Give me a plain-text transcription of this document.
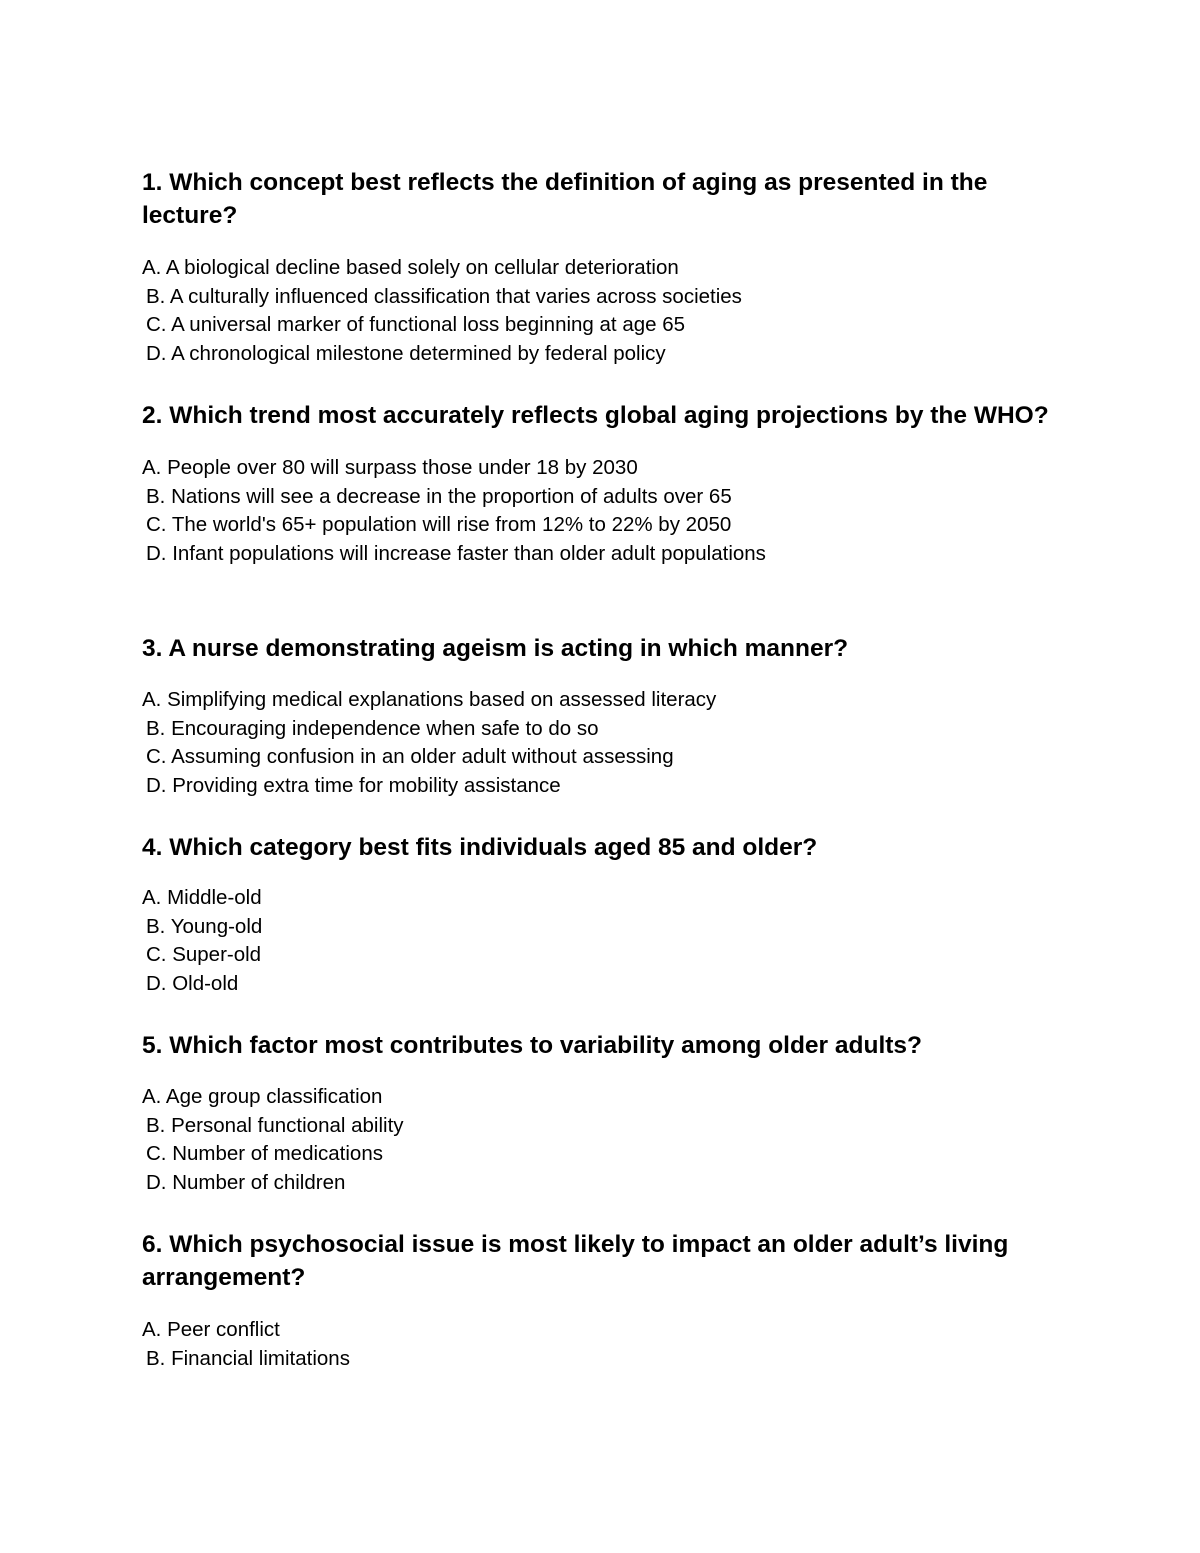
1. Which concept best reflects the definition of aging as presented in the lecture?

A. A biological decline based solely on cellular deterioration

B. A culturally influenced classification that varies across societies

C. A universal marker of functional loss beginning at age 65

D. A chronological milestone determined by federal policy

2. Which trend most accurately reflects global aging projections by the WHO?

A. People over 80 will surpass those under 18 by 2030

B. Nations will see a decrease in the proportion of adults over 65

C. The world's 65+ population will rise from 12% to 22% by 2050

D. Infant populations will increase faster than older adult populations

3. A nurse demonstrating ageism is acting in which manner?

A. Simplifying medical explanations based on assessed literacy

B. Encouraging independence when safe to do so

C. Assuming confusion in an older adult without assessing

D. Providing extra time for mobility assistance

4. Which category best fits individuals aged 85 and older?

A. Middle-old

B. Young-old

C. Super-old

D. Old-old

5. Which factor most contributes to variability among older adults?

A. Age group classification

B. Personal functional ability

C. Number of medications

D. Number of children

6. Which psychosocial issue is most likely to impact an older adult’s living arrangement?

A. Peer conflict

B. Financial limitations
